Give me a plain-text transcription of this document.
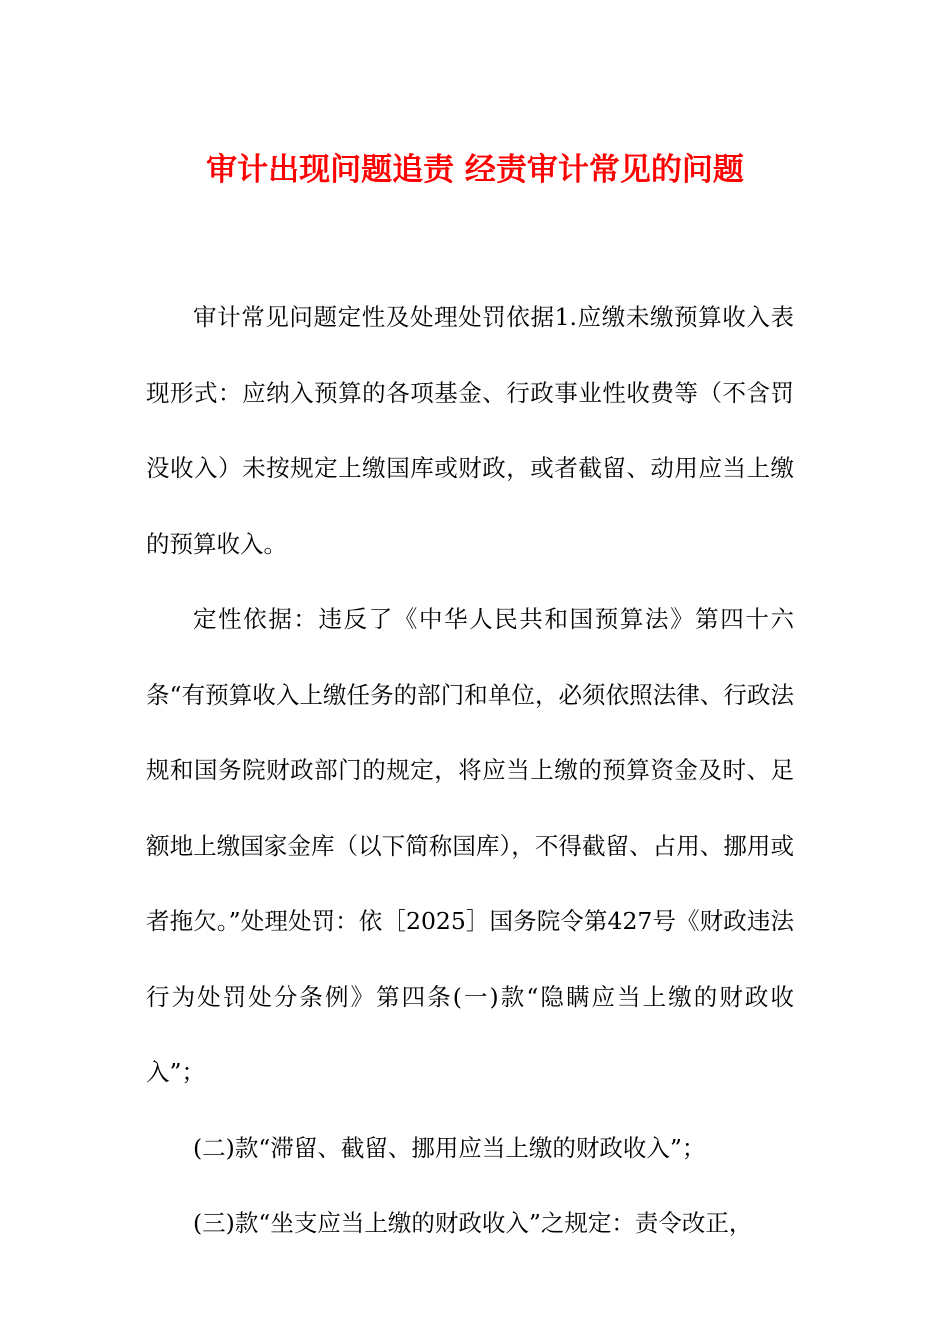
审计出现问题追责 经责审计常见的问题

审计常见问题定性及处理处罚依据1.应缴未缴预算收入表现形式：应纳入预算的各项基金、行政事业性收费等（不含罚没收入）未按规定上缴国库或财政，或者截留、动用应当上缴的预算收入。

定性依据：违反了《中华人民共和国预算法》第四十六条“有预算收入上缴任务的部门和单位，必须依照法律、行政法规和国务院财政部门的规定，将应当上缴的预算资金及时、足额地上缴国家金库（以下简称国库），不得截留、占用、挪用或者拖欠。”处理处罚：依［2025］国务院令第427号《财政违法行为处罚处分条例》第四条(一)款“隐瞒应当上缴的财政收入”；

(二)款“滞留、截留、挪用应当上缴的财政收入”；

(三)款“坐支应当上缴的财政收入”之规定：责令改正，
